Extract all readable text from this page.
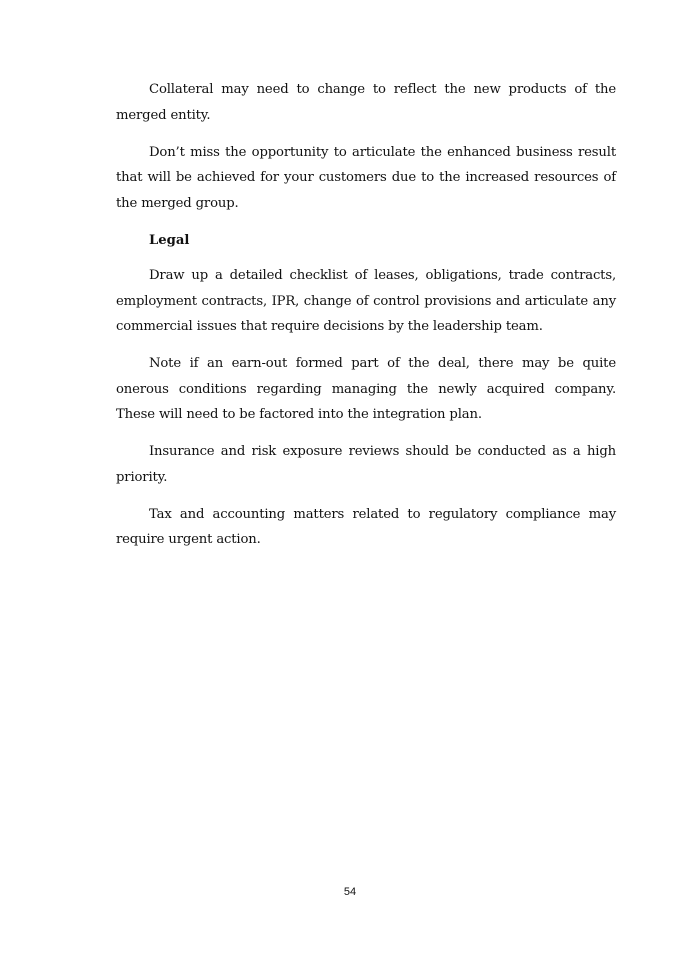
Collateral may need to change to reflect the new products of the merged entity.

Don’t miss the opportunity to articulate the enhanced business result that will be achieved for your customers due to the increased resources of the merged group.

Legal

Draw up a detailed checklist of leases, obligations, trade contracts, employment contracts, IPR, change of control provisions and articulate any commercial issues that require decisions by the leadership team.

Note if an earn-out formed part of the deal, there may be quite onerous conditions regarding managing the newly acquired company. These will need to be factored into the integration plan.

Insurance and risk exposure reviews should be conducted as a high priority.

Tax and accounting matters related to regulatory compliance may require urgent action.

54
